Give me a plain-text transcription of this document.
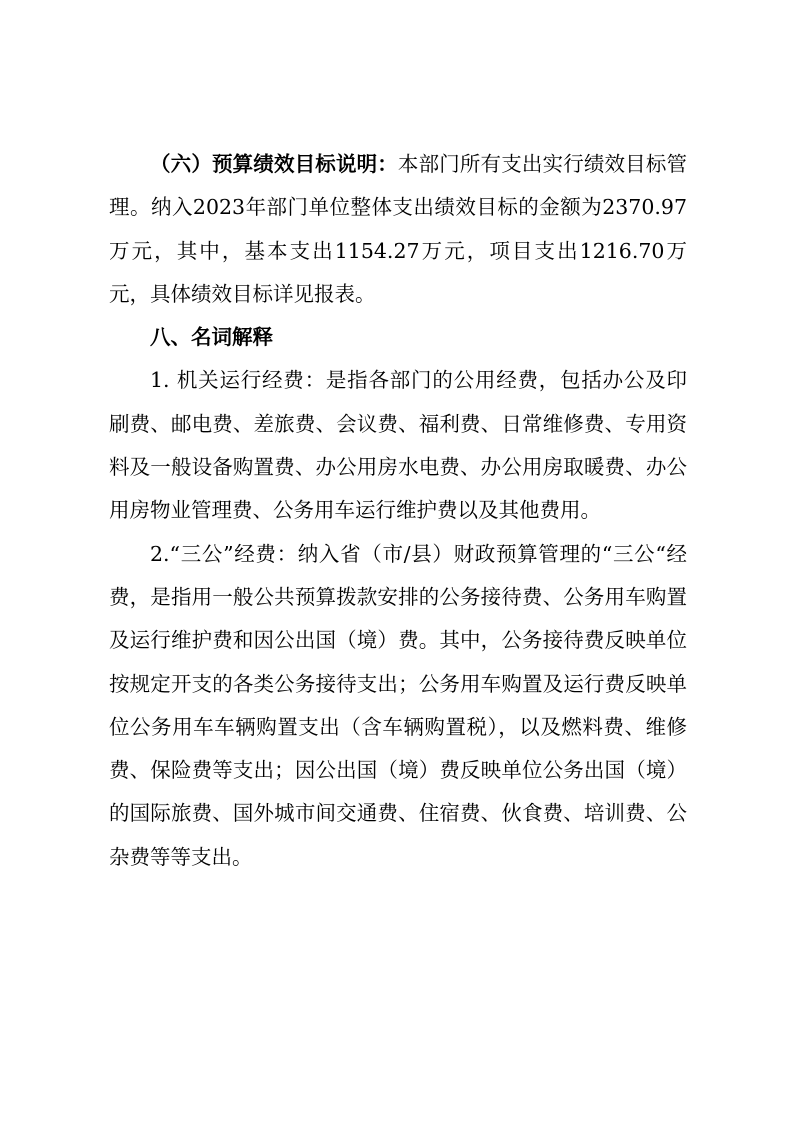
（六）预算绩效目标说明：本部门所有支出实行绩效目标管理。纳入2023年部门单位整体支出绩效目标的金额为2370.97万元，其中，基本支出1154.27万元，项目支出1216.70万元，具体绩效目标详见报表。

八、名词解释

1. 机关运行经费：是指各部门的公用经费，包括办公及印刷费、邮电费、差旅费、会议费、福利费、日常维修费、专用资料及一般设备购置费、办公用房水电费、办公用房取暖费、办公用房物业管理费、公务用车运行维护费以及其他费用。

2.“三公”经费：纳入省（市/县）财政预算管理的“三公“经费，是指用一般公共预算拨款安排的公务接待费、公务用车购置及运行维护费和因公出国（境）费。其中，公务接待费反映单位按规定开支的各类公务接待支出；公务用车购置及运行费反映单位公务用车车辆购置支出（含车辆购置税），以及燃料费、维修费、保险费等支出；因公出国（境）费反映单位公务出国（境）的国际旅费、国外城市间交通费、住宿费、伙食费、培训费、公杂费等等支出。
